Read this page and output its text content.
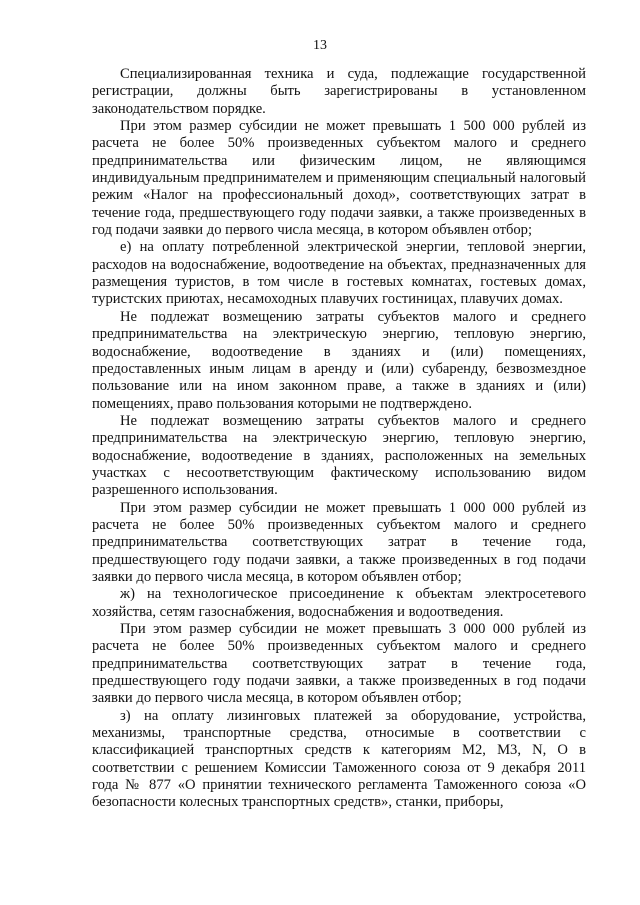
13

Специализированная техника и суда, подлежащие государственной регистрации, должны быть зарегистрированы в установленном законодательством порядке.

При этом размер субсидии не может превышать 1 500 000 рублей из расчета не более 50% произведенных субъектом малого и среднего предпринимательства или физическим лицом, не являющимся индивидуальным предпринимателем и применяющим специальный налоговый режим «Налог на профессиональный доход», соответствующих затрат в течение года, предшествующего году подачи заявки, а также произведенных в год подачи заявки до первого числа месяца, в котором объявлен отбор;

е) на оплату потребленной электрической энергии, тепловой энергии, расходов на водоснабжение, водоотведение на объектах, предназначенных для размещения туристов, в том числе в гостевых комнатах, гостевых домах, туристских приютах, несамоходных плавучих гостиницах, плавучих домах.

Не подлежат возмещению затраты субъектов малого и среднего предпринимательства на электрическую энергию, тепловую энергию, водоснабжение, водоотведение в зданиях и (или) помещениях, предоставленных иным лицам в аренду и (или) субаренду, безвозмездное пользование или на ином законном праве, а также в зданиях и (или) помещениях, право пользования которыми не подтверждено.

Не подлежат возмещению затраты субъектов малого и среднего предпринимательства на электрическую энергию, тепловую энергию, водоснабжение, водоотведение в зданиях, расположенных на земельных участках с несоответствующим фактическому использованию видом разрешенного использования.

При этом размер субсидии не может превышать 1 000 000 рублей из расчета не более 50% произведенных субъектом малого и среднего предпринимательства соответствующих затрат в течение года, предшествующего году подачи заявки, а также произведенных в год подачи заявки до первого числа месяца, в котором объявлен отбор;

ж) на технологическое присоединение к объектам электросетевого хозяйства, сетям газоснабжения, водоснабжения и водоотведения.

При этом размер субсидии не может превышать 3 000 000 рублей из расчета не более 50% произведенных субъектом малого и среднего предпринимательства соответствующих затрат в течение года, предшествующего году подачи заявки, а также произведенных в год подачи заявки до первого числа месяца, в котором объявлен отбор;

з) на оплату лизинговых платежей за оборудование, устройства, механизмы, транспортные средства, относимые в соответствии с классификацией транспортных средств к категориям М2, М3, N, О в соответствии с решением Комиссии Таможенного союза от 9 декабря 2011 года № 877 «О принятии технического регламента Таможенного союза «О безопасности колесных транспортных средств», станки, приборы,
